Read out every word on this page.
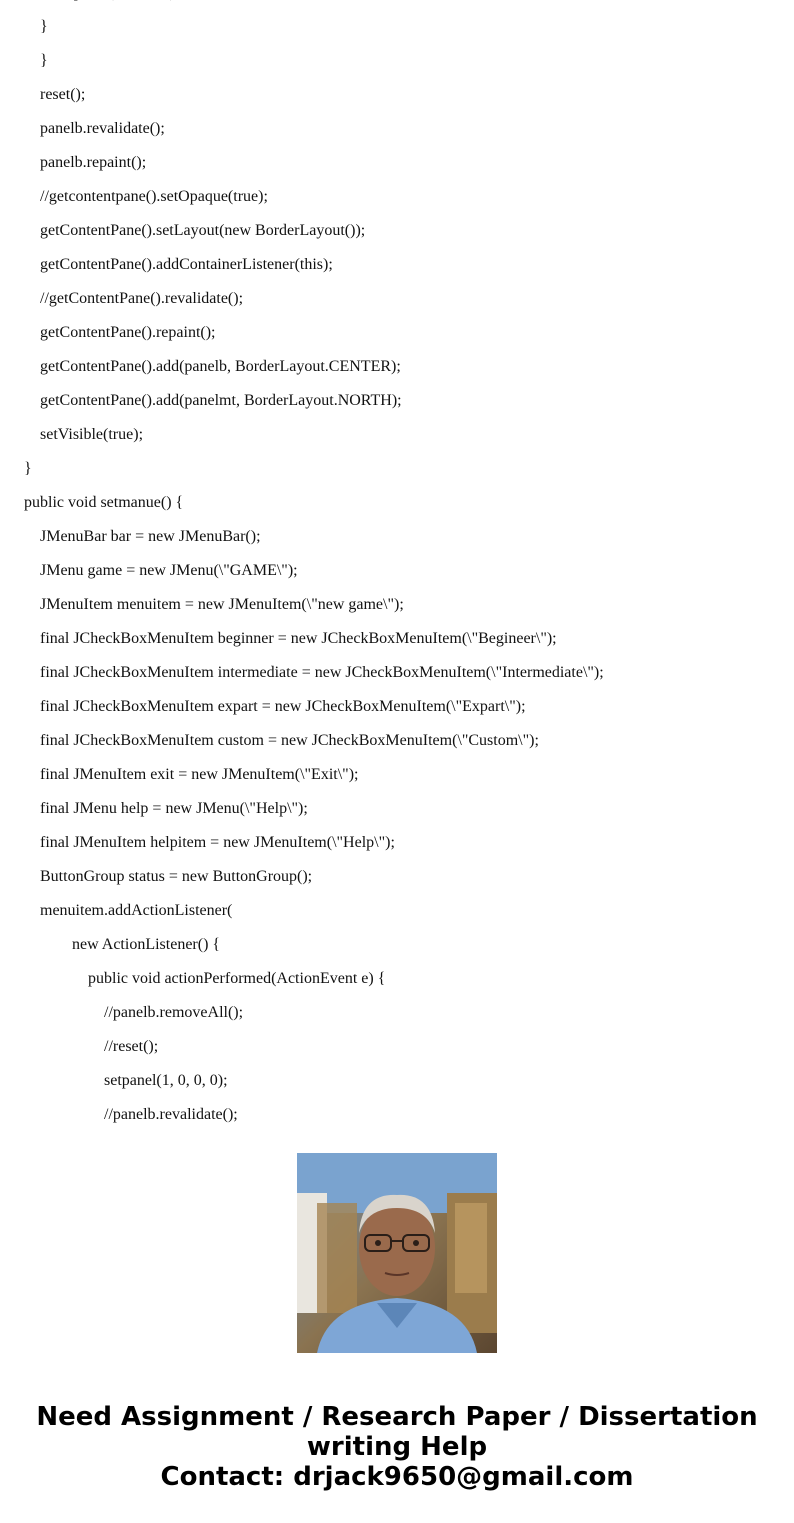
}
}
reset();
panelb.revalidate();
panelb.repaint();
//getcontentpane().setOpaque(true);
getContentPane().setLayout(new BorderLayout());
getContentPane().addContainerListener(this);
//getContentPane().revalidate();
getContentPane().repaint();
getContentPane().add(panelb, BorderLayout.CENTER);
getContentPane().add(panelmt, BorderLayout.NORTH);
setVisible(true);
}
public void setmanue() {
JMenuBar bar = new JMenuBar();
JMenu game = new JMenu(\"GAME\");
JMenuItem menuitem = new JMenuItem(\"new game\");
final JCheckBoxMenuItem beginner = new JCheckBoxMenuItem(\"Begineer\");
final JCheckBoxMenuItem intermediate = new JCheckBoxMenuItem(\"Intermediate\");
final JCheckBoxMenuItem expart = new JCheckBoxMenuItem(\"Expart\");
final JCheckBoxMenuItem custom = new JCheckBoxMenuItem(\"Custom\");
final JMenuItem exit = new JMenuItem(\"Exit\");
final JMenu help = new JMenu(\"Help\");
final JMenuItem helpitem = new JMenuItem(\"Help\");
ButtonGroup status = new ButtonGroup();
menuitem.addActionListener(
new ActionListener() {
public void actionPerformed(ActionEvent e) {
//panelb.removeAll();
//reset();
setpanel(1, 0, 0, 0);
//panelb.revalidate();
Need Assignment / Research Paper / Dissertation
writing Help
Contact: drjack9650@gmail.com
